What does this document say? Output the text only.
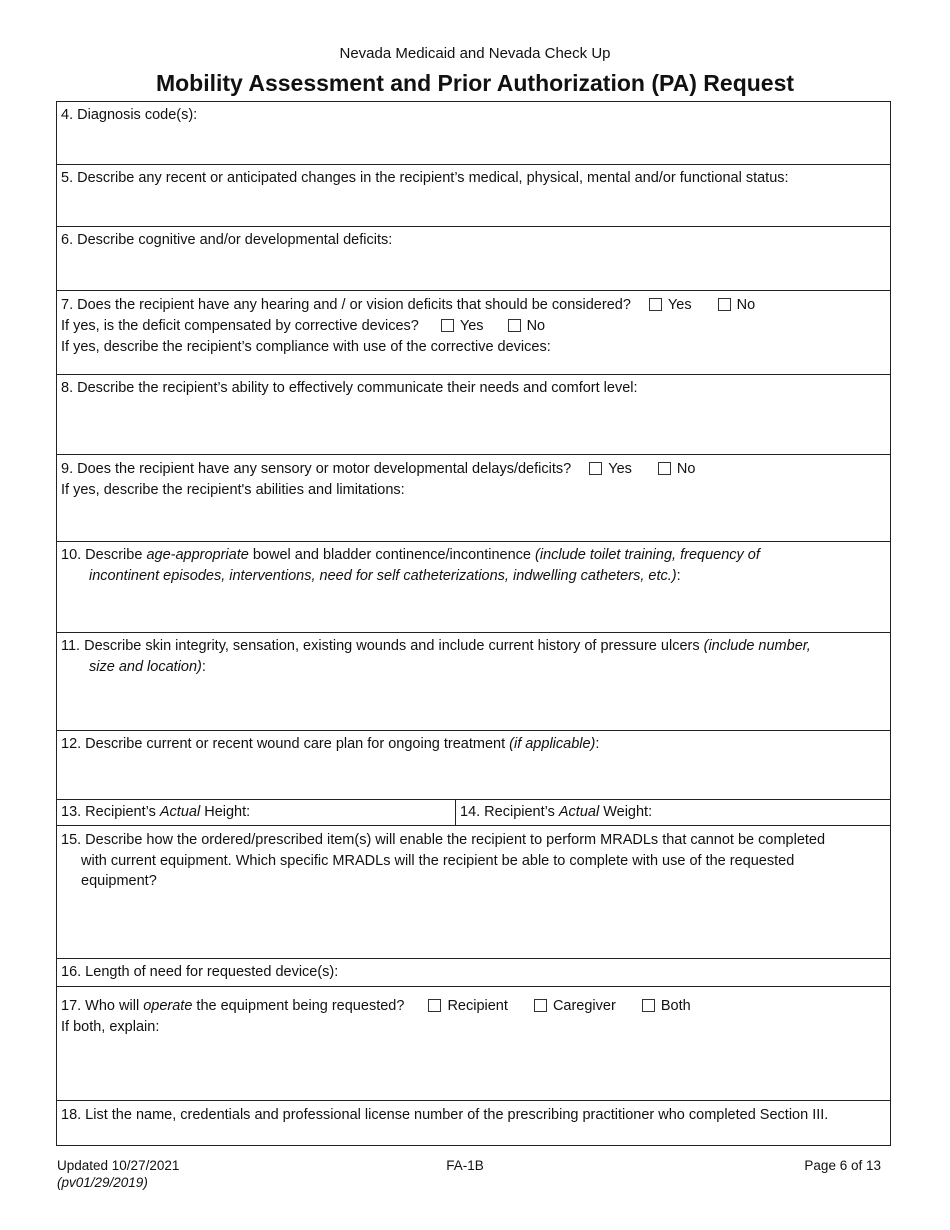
Nevada Medicaid and Nevada Check Up
Mobility Assessment and Prior Authorization (PA) Request
4. Diagnosis code(s):
5. Describe any recent or anticipated changes in the recipient’s medical, physical, mental and/or functional status:
6. Describe cognitive and/or developmental deficits:
7. Does the recipient have any hearing and / or vision deficits that should be considered?	Yes	No
If yes, is the deficit compensated by corrective devices?	Yes	No
If yes, describe the recipient’s compliance with use of the corrective devices:
8. Describe the recipient’s ability to effectively communicate their needs and comfort level:
9. Does the recipient have any sensory or motor developmental delays/deficits?	Yes	No
If yes, describe the recipient's abilities and limitations:
10. Describe age-appropriate bowel and bladder continence/incontinence (include toilet training, frequency of
incontinent episodes, interventions, need for self catheterizations, indwelling catheters, etc.):
11. Describe skin integrity, sensation, existing wounds and include current history of pressure ulcers (include number,
size and location):
12. Describe current or recent wound care plan for ongoing treatment (if applicable):
13. Recipient’s Actual Height:	14. Recipient’s Actual Weight:
15. Describe how the ordered/prescribed item(s) will enable the recipient to perform MRADLs that cannot be completed
with current equipment. Which specific MRADLs will the recipient be able to complete with use of the requested
equipment?
16. Length of need for requested device(s):
17. Who will operate the equipment being requested?	Recipient	Caregiver	Both
If both, explain:
18. List the name, credentials and professional license number of the prescribing practitioner who completed Section III.
Updated 10/27/2021
(pv01/29/2019)
FA-1B	Page 6 of 13
